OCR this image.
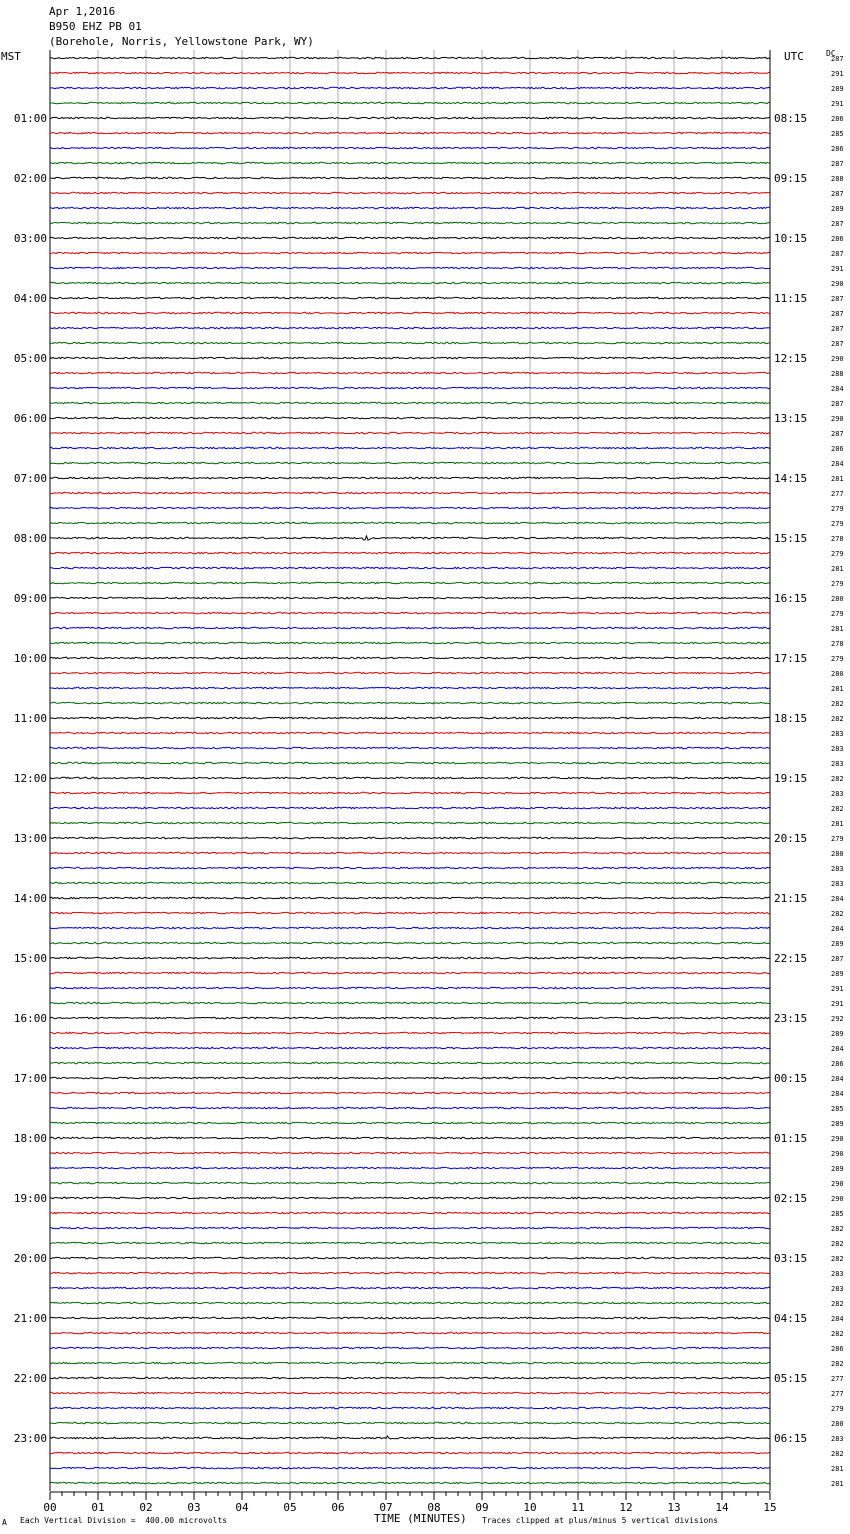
00	01	02	03	04	05	06	07	08	09	10	11	12	13	14	15
287
291
289
291
286
285
286
287
288
287
289
287
286
287
291
290
287
287
287
287
290
288
284
287
290
287
286
284
281
277
279
279
278
279
281
279
280
279
281
278
279
280
281
282
282
283
283
283
282
283
282
281
279
280
283
283
284
282
284
289
287
289
291
291
292
289
284
286
284
284
285
289
290
290
289
290
290
285
282
282
282
283
283
282
284
282
286
282
277
277
279
280
283
282
281
281
01:00
02:00
03:00
04:00
05:00
06:00
07:00
08:00
09:00
10:00
11:00
12:00
13:00
14:00
15:00
16:00
17:00
18:00
19:00
20:00
21:00
22:00
23:00
08:15
09:15
10:15
11:15
12:15
13:15
14:15
15:15
16:15
17:15
18:15
19:15
20:15
21:15
22:15
23:15
00:15
01:15
02:15
03:15
04:15
05:15
06:15
Apr 1,2016
B950 EHZ PB 01
(Borehole, Norris, Yellowstone Park, WY)
MST	UTC	DC
A Each Vertical Division =  400.00 microvolts	TIME (MINUTES) Traces clipped at plus/minus 5 vertical divisions
